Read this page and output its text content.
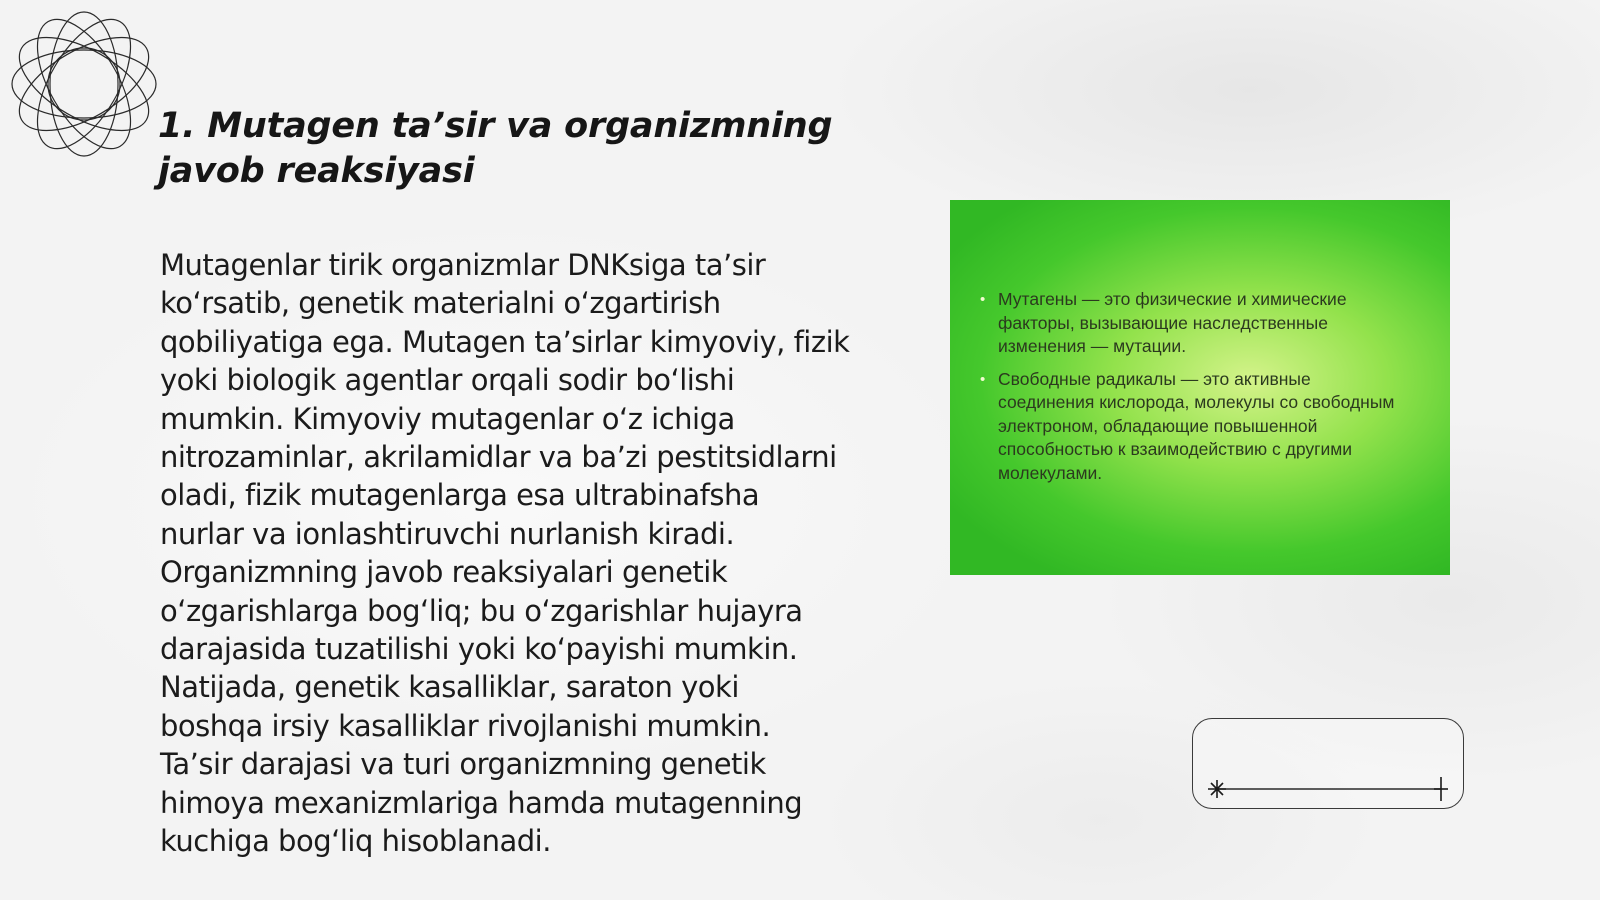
1. Mutagen ta’sir va organizmning javob reaksiyasi

Mutagenlar tirik organizmlar DNKsiga ta’sir ko‘rsatib, genetik materialni o‘zgartirish qobiliyatiga ega. Mutagen ta’sirlar kimyoviy, fizik yoki biologik agentlar orqali sodir bo‘lishi mumkin. Kimyoviy mutagenlar o‘z ichiga nitrozaminlar, akrilamidlar va ba’zi pestitsidlarni oladi, fizik mutagenlarga esa ultrabinafsha nurlar va ionlashtiruvchi nurlanish kiradi. Organizmning javob reaksiyalari genetik o‘zgarishlarga bog‘liq; bu o‘zgarishlar hujayra darajasida tuzatilishi yoki ko‘payishi mumkin. Natijada, genetik kasalliklar, saraton yoki boshqa irsiy kasalliklar rivojlanishi mumkin. Ta’sir darajasi va turi organizmning genetik himoya mexanizmlariga hamda mutagenning kuchiga bog‘liq hisoblanadi.

• Мутагены — это физические и химические факторы, вызывающие наследственные изменения — мутации.
• Свободные радикалы — это активные соединения кислорода, молекулы со свободным электроном, обладающие повышенной способностью к взаимодействию с другими молекулами.
